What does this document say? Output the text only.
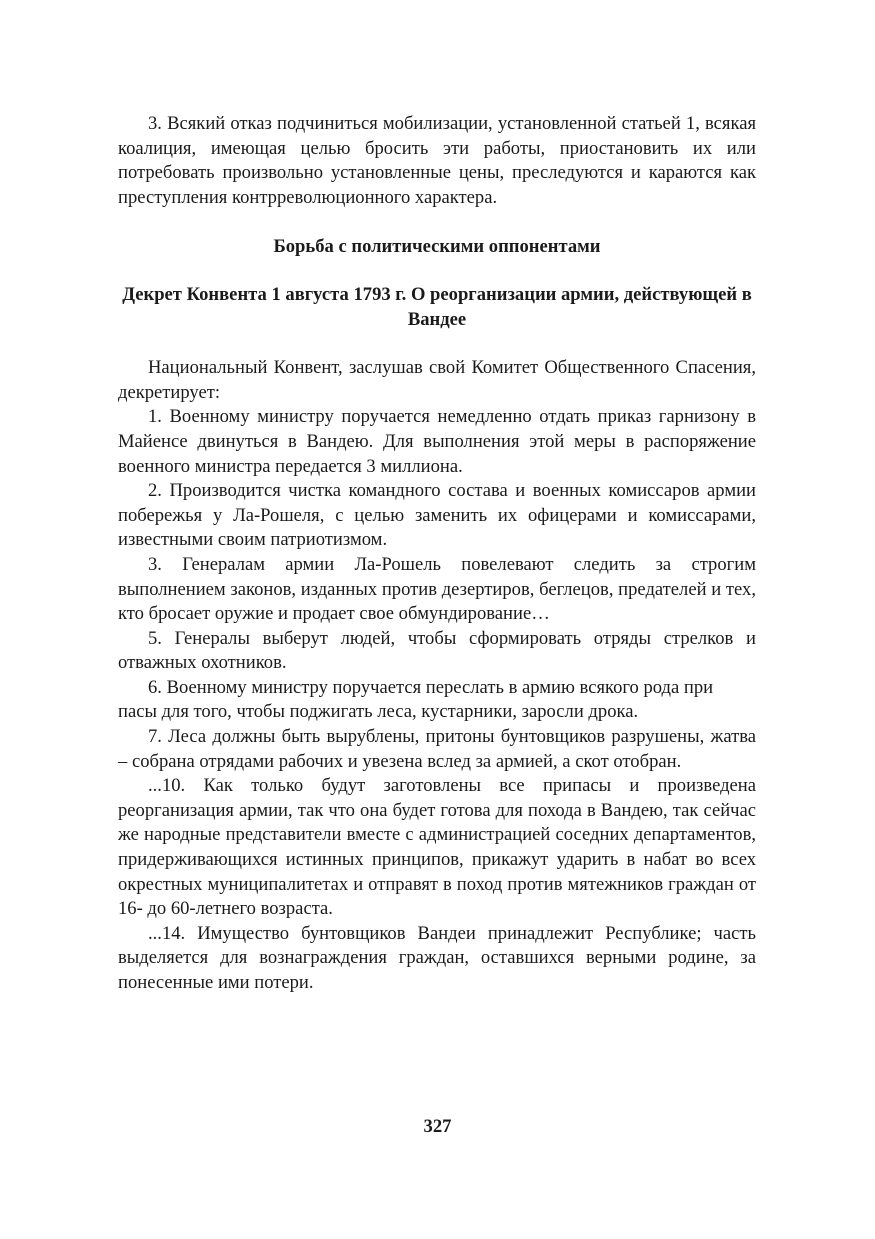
3. Всякий отказ подчиниться мобилизации, установленной статьей 1, всякая коалиция, имеющая целью бросить эти работы, приостановить их или потребовать произвольно установленные цены, преследуются и караются как преступления контрреволюционного характера.

Борьба с политическими оппонентами

Декрет Конвента 1 августа 1793 г. О реорганизации армии, действующей в Вандее

Национальный Конвент, заслушав свой Комитет Общественного Спасения, декретирует:

1. Военному министру поручается немедленно отдать приказ гарнизону в Майенсе двинуться в Вандею. Для выполнения этой меры в распоряжение военного министра передается 3 миллиона.

2. Производится чистка командного состава и военных комиссаров армии побережья у Ла-Рошеля, с целью заменить их офицерами и комиссарами, известными своим патриотизмом.

3. Генералам армии Ла-Рошель повелевают следить за строгим выполнением законов, изданных против дезертиров, беглецов, предателей и тех, кто бросает оружие и продает свое обмундирование…

5. Генералы выберут людей, чтобы сформировать отряды стрелков и отважных охотников.

6. Военному министру поручается переслать в армию всякого рода при

пасы для того, чтобы поджигать леса, кустарники, заросли дрока.

7. Леса должны быть вырублены, притоны бунтовщиков разрушены, жатва – собрана отрядами рабочих и увезена вслед за армией, а скот отобран.

...10. Как только будут заготовлены все припасы и произведена реорганизация армии, так что она будет готова для похода в Вандею, так сейчас же народные представители вместе с администрацией соседних департаментов, придерживающихся истинных принципов, прикажут ударить в набат во всех окрестных муниципалитетах и отправят в поход против мятежников граждан от 16- до 60-летнего возраста.

...14. Имущество бунтовщиков Вандеи принадлежит Республике; часть выделяется для вознаграждения граждан, оставшихся верными родине, за понесенные ими потери.

327
